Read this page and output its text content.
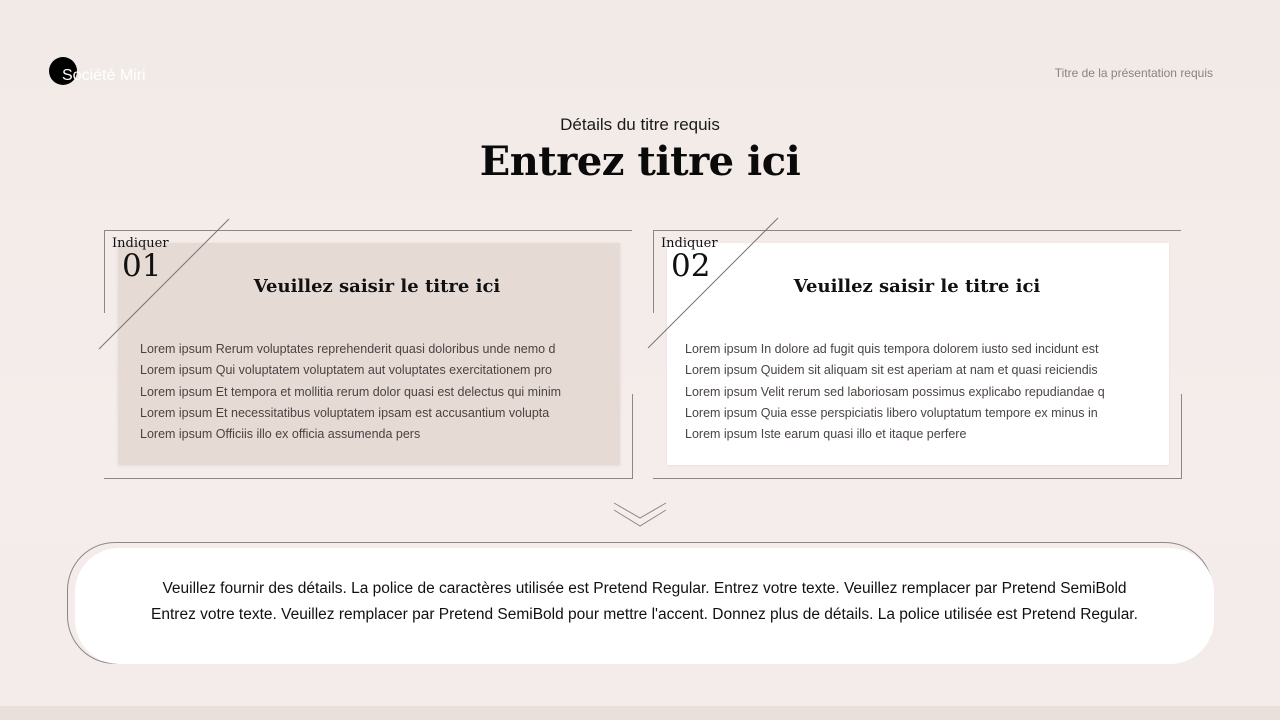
Société Miri	Titre de la présentation requis
Détails du titre requis
Entrez titre ici
Indiquer
01
Veuillez saisir le titre ici
Lorem ipsum Rerum voluptates reprehenderit quasi doloribus unde nemo d
Lorem ipsum Qui voluptatem voluptatem aut voluptates exercitationem pro
Lorem ipsum Et tempora et mollitia rerum dolor quasi est delectus qui minim
Lorem ipsum Et necessitatibus voluptatem ipsam est accusantium volupta
Lorem ipsum Officiis illo ex officia assumenda pers
Indiquer
02
Veuillez saisir le titre ici
Lorem ipsum In dolore ad fugit quis tempora dolorem iusto sed incidunt est
Lorem ipsum Quidem sit aliquam sit est aperiam at nam et quasi reiciendis
Lorem ipsum Velit rerum sed laboriosam possimus explicabo repudiandae q
Lorem ipsum Quia esse perspiciatis libero voluptatum tempore ex minus in
Lorem ipsum Iste earum quasi illo et itaque perfere
Veuillez fournir des détails. La police de caractères utilisée est Pretend Regular. Entrez votre texte. Veuillez remplacer par Pretend SemiBold
Entrez votre texte. Veuillez remplacer par Pretend SemiBold pour mettre l'accent. Donnez plus de détails. La police utilisée est Pretend Regular.
